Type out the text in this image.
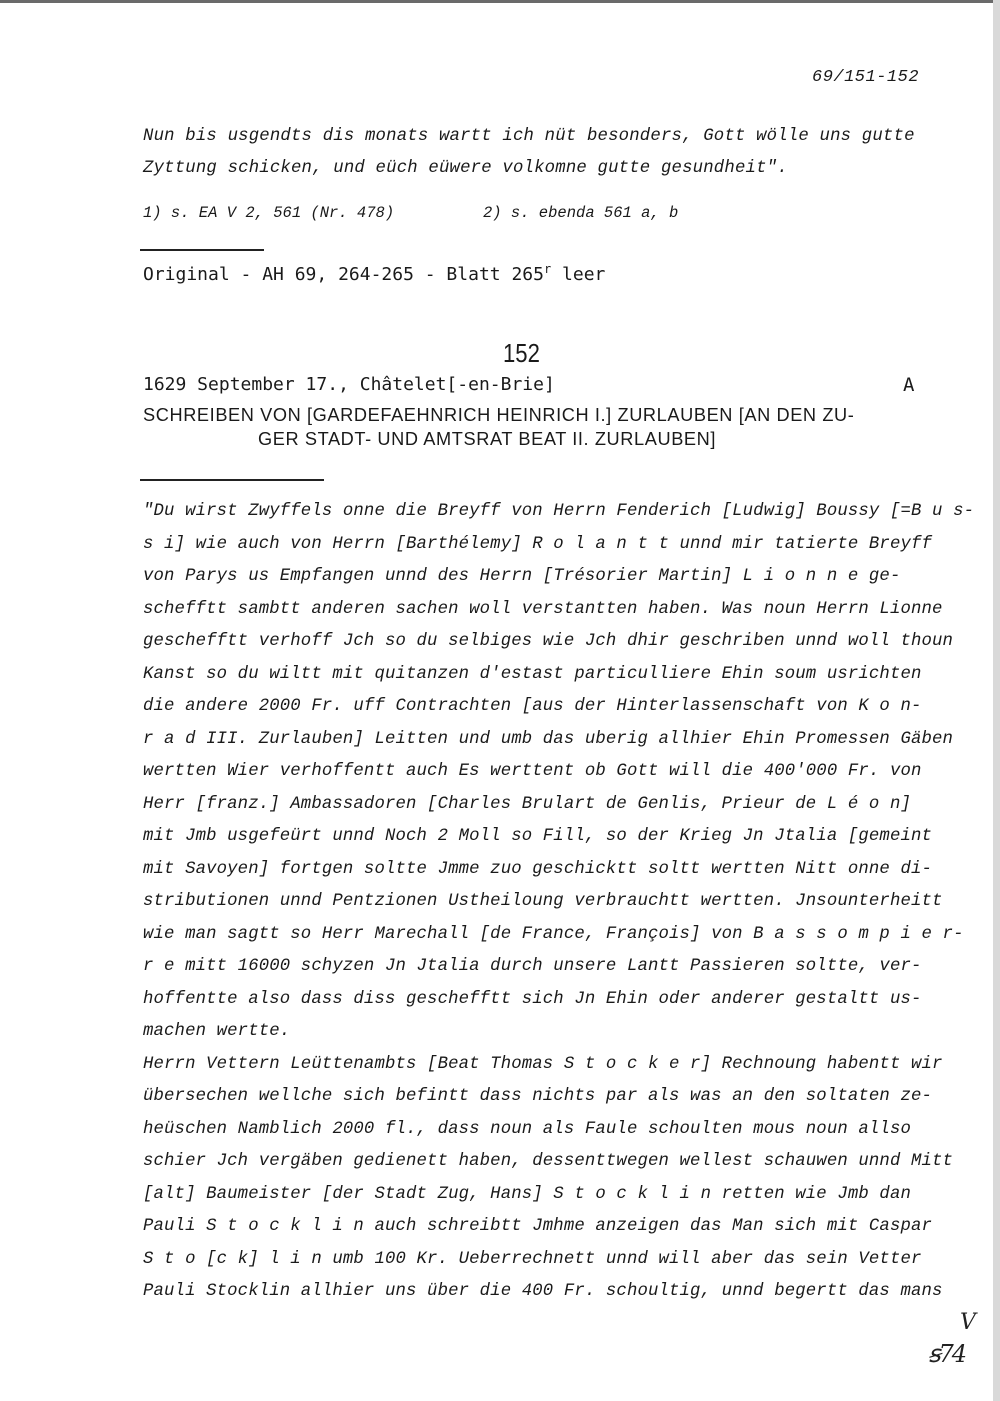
69/151-152
Nun bis usgendts dis monats wartt ich nüt besonders, Gott wölle uns gutte
Zyttung schicken, und eüch eüwere volkomne gutte gesundheit".
1) s. EA V 2, 561 (Nr. 478)	2) s. ebenda 561 a, b
Original - AH 69, 264-265 - Blatt 265$^r$ leer
152
1629 September 17., Châtelet[-en-Brie]	A
SCHREIBEN VON [GARDEFAEHNRICH HEINRICH I.] ZURLAUBEN [AN DEN ZU-
GER STADT- UND AMTSRAT BEAT II. ZURLAUBEN]
"Du wirst Zwyffels onne die Breyff von Herrn Fenderich [Ludwig] Boussy [=B u s-
s i] wie auch von Herrn [Barthélemy] R o l a n t t unnd mir tatierte Breyff
von Parys us Empfangen unnd des Herrn [Trésorier Martin] L i o n n e ge-
schefftt sambtt anderen sachen woll verstantten haben. Was noun Herrn Lionne
geschefftt verhoff Jch so du selbiges wie Jch dhir geschriben unnd woll thoun
Kanst so du wiltt mit quitanzen d'estast particulliere Ehin soum usrichten
die andere 2000 Fr. uff Contrachten [aus der Hinterlassenschaft von K o n-
r a d III. Zurlauben] Leitten und umb das uberig allhier Ehin Promessen Gäben
wertten Wier verhoffentt auch Es werttent ob Gott will die 400'000 Fr. von
Herr [franz.] Ambassadoren [Charles Brulart de Genlis, Prieur de L é o n]
mit Jmb usgefeürt unnd Noch 2 Moll so Fill, so der Krieg Jn Jtalia [gemeint
mit Savoyen] fortgen soltte Jmme zuo geschicktt soltt wertten Nitt onne di-
stributionen unnd Pentzionen Ustheiloung verbrauchtt wertten. Jnsounterheitt
wie man sagtt so Herr Marechall [de France, François] von B a s s o m p i e r-
r e mitt 16000 schyzen Jn Jtalia durch unsere Lantt Passieren soltte, ver-
hoffentte also dass diss geschefftt sich Jn Ehin oder anderer gestaltt us-
machen wertte.
Herrn Vettern Leüttenambts [Beat Thomas S t o c k e r] Rechnoung habentt wir
übersechen wellche sich befintt dass nichts par als was an den soltaten ze-
heüschen Namblich 2000 fl., dass noun als Faule schoulten mous noun allso
schier Jch vergäben gedienett haben, dessenttwegen wellest schauwen unnd Mitt
[alt] Baumeister [der Stadt Zug, Hans] S t o c k l i n retten wie Jmb dan
Pauli S t o c k l i n auch schreibtt Jmhme anzeigen das Man sich mit Caspar
S t o [c k] l i n umb 100 Kr. Ueberrechnett unnd will aber das sein Vetter
Pauli Stocklin allhier uns über die 400 Fr. schoultig, unnd begertt das mans
V
ꞩ74
